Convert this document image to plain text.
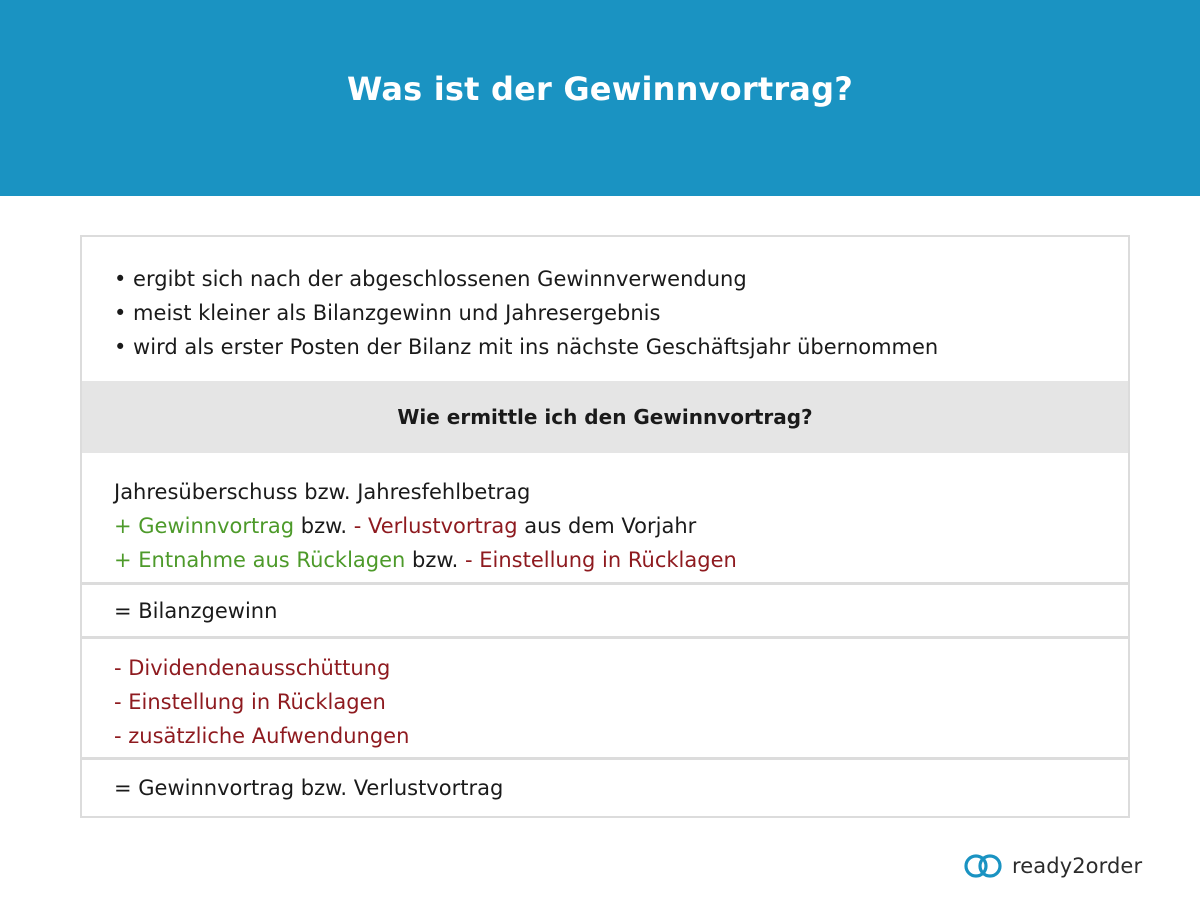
Was ist der Gewinnvortrag?
• ergibt sich nach der abgeschlossenen Gewinnverwendung
• meist kleiner als Bilanzgewinn und Jahresergebnis
• wird als erster Posten der Bilanz mit ins nächste Geschäftsjahr übernommen
Wie ermittle ich den Gewinnvortrag?
Jahresüberschuss bzw. Jahresfehlbetrag
+ Gewinnvortrag bzw. - Verlustvortrag aus dem Vorjahr
+ Entnahme aus Rücklagen bzw. - Einstellung in Rücklagen
= Bilanzgewinn
- Dividendenausschüttung
- Einstellung in Rücklagen
- zusätzliche Aufwendungen
= Gewinnvortrag bzw. Verlustvortrag
ready2order
